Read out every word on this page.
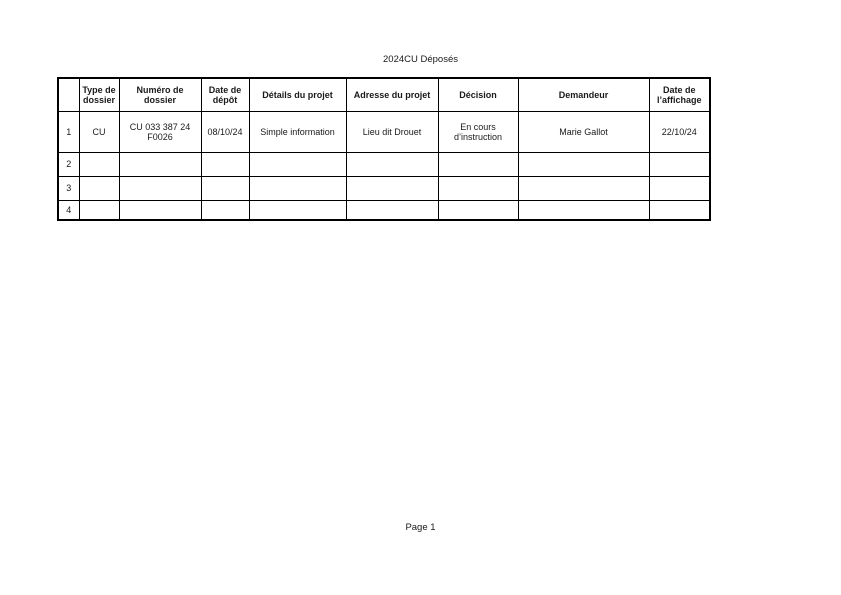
2024CU Déposés
	Type de dossier	Numéro de dossier	Date de dépôt	Détails du projet	Adresse du projet	Décision	Demandeur	Date de l’affichage
1	CU	CU 033 387 24 F0026	08/10/24	Simple information	Lieu dit Drouet	En cours d’instruction	Marie Gallot	22/10/24
2								
3								
4								
Page 1
